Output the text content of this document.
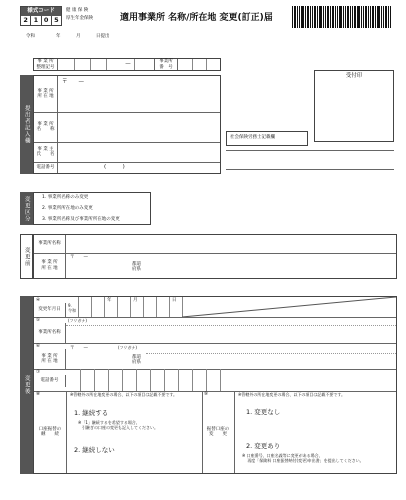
様式コード
2 1 0 5
健 康 保 険
厚生年金保険	適用事業所 名称/所在地 変更(訂正)届
令和	年	月	日提出
事 業 所
整理記号	—	事業所
番　号
提出者記入欄
事 業 所
所 在 地
〒　　—
事 業 所
名　　称
事 業 主
氏　　名
電話番号	(　　　)
受付印
社会保険労務士記載欄
変更区分	1. 事業所名称のみ変更
2. 事業所所在地のみ変更
3. 事業所名称及び事業所所在地の変更
変更前
事業所名称
事 業 所
所 在 地
〒　　—
都道
府県
変更後
④
変更年月日
9.
令和
年	月	日
⑤
事業所名称
(フリガナ)
⑥
事 業 所
所 在 地
〒　　—	(フリガナ)
都道
府県
⑦
電話番号
⑧	※管轄外の所在地変更の場合、以下の項目は記載不要です。
口座振替の
継　　続
1. 継続する
※「1」継続するを希望する場合、
　引継ぎの口座の変更も記入してください。
2. 継続しない
⑨
振替口座の
変　　更
※管轄外の所在地変更の場合、以下の項目は記載不要です。
1. 変更なし
2. 変更あり
※ 口座番号、口座名義等に変更がある場合、
　 再度「保険料 口座振替納付(変更)申出書」を提出してください。
